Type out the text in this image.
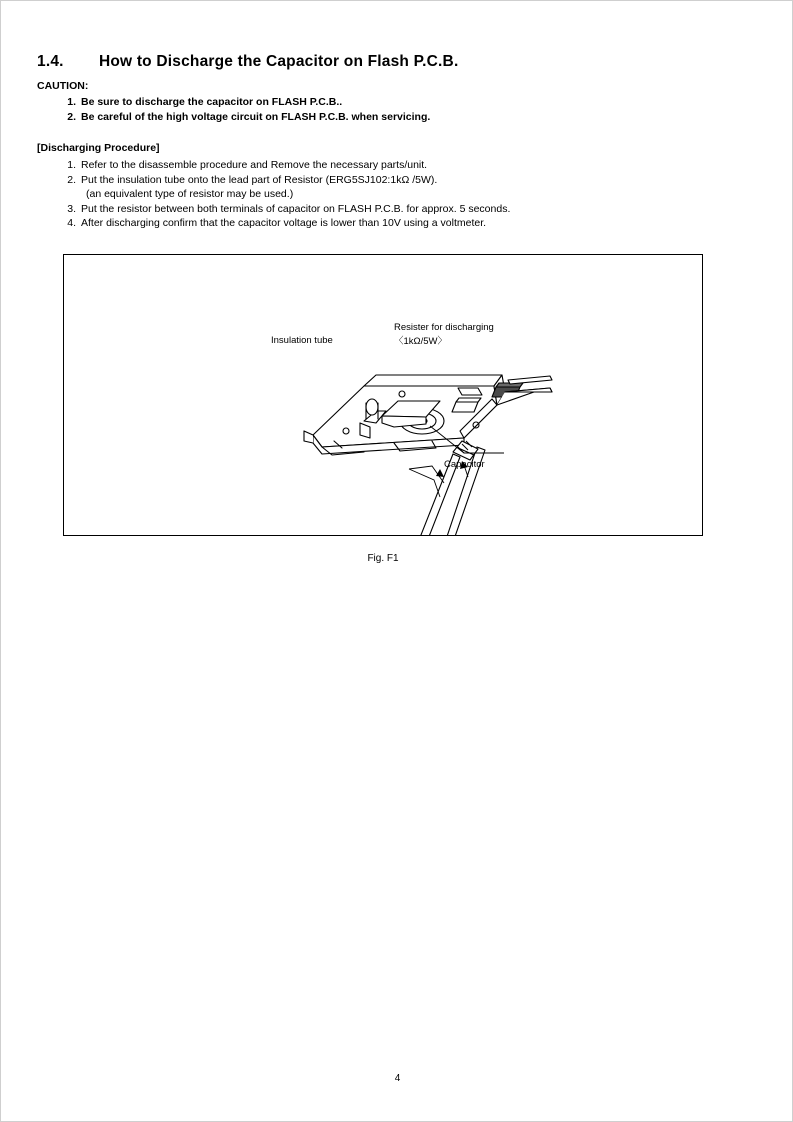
1.4.	How to Discharge the Capacitor on Flash P.C.B.
CAUTION:
1. Be sure to discharge the capacitor on FLASH P.C.B..
2. Be careful of the high voltage circuit on FLASH P.C.B. when servicing.
[Discharging Procedure]
1. Refer to the disassemble procedure and Remove the necessary parts/unit.
2. Put the insulation tube onto the lead part of Resistor (ERG5SJ102:1kΩ /5W).
(an equivalent type of resistor may be used.)
3. Put the resistor between both terminals of capacitor on FLASH P.C.B. for approx. 5 seconds.
4. After discharging confirm that the capacitor voltage is lower than 10V using a voltmeter.
Insulation tube
Resister for discharging
〈1kΩ/5W〉
Capacitor
Fig. F1
4
